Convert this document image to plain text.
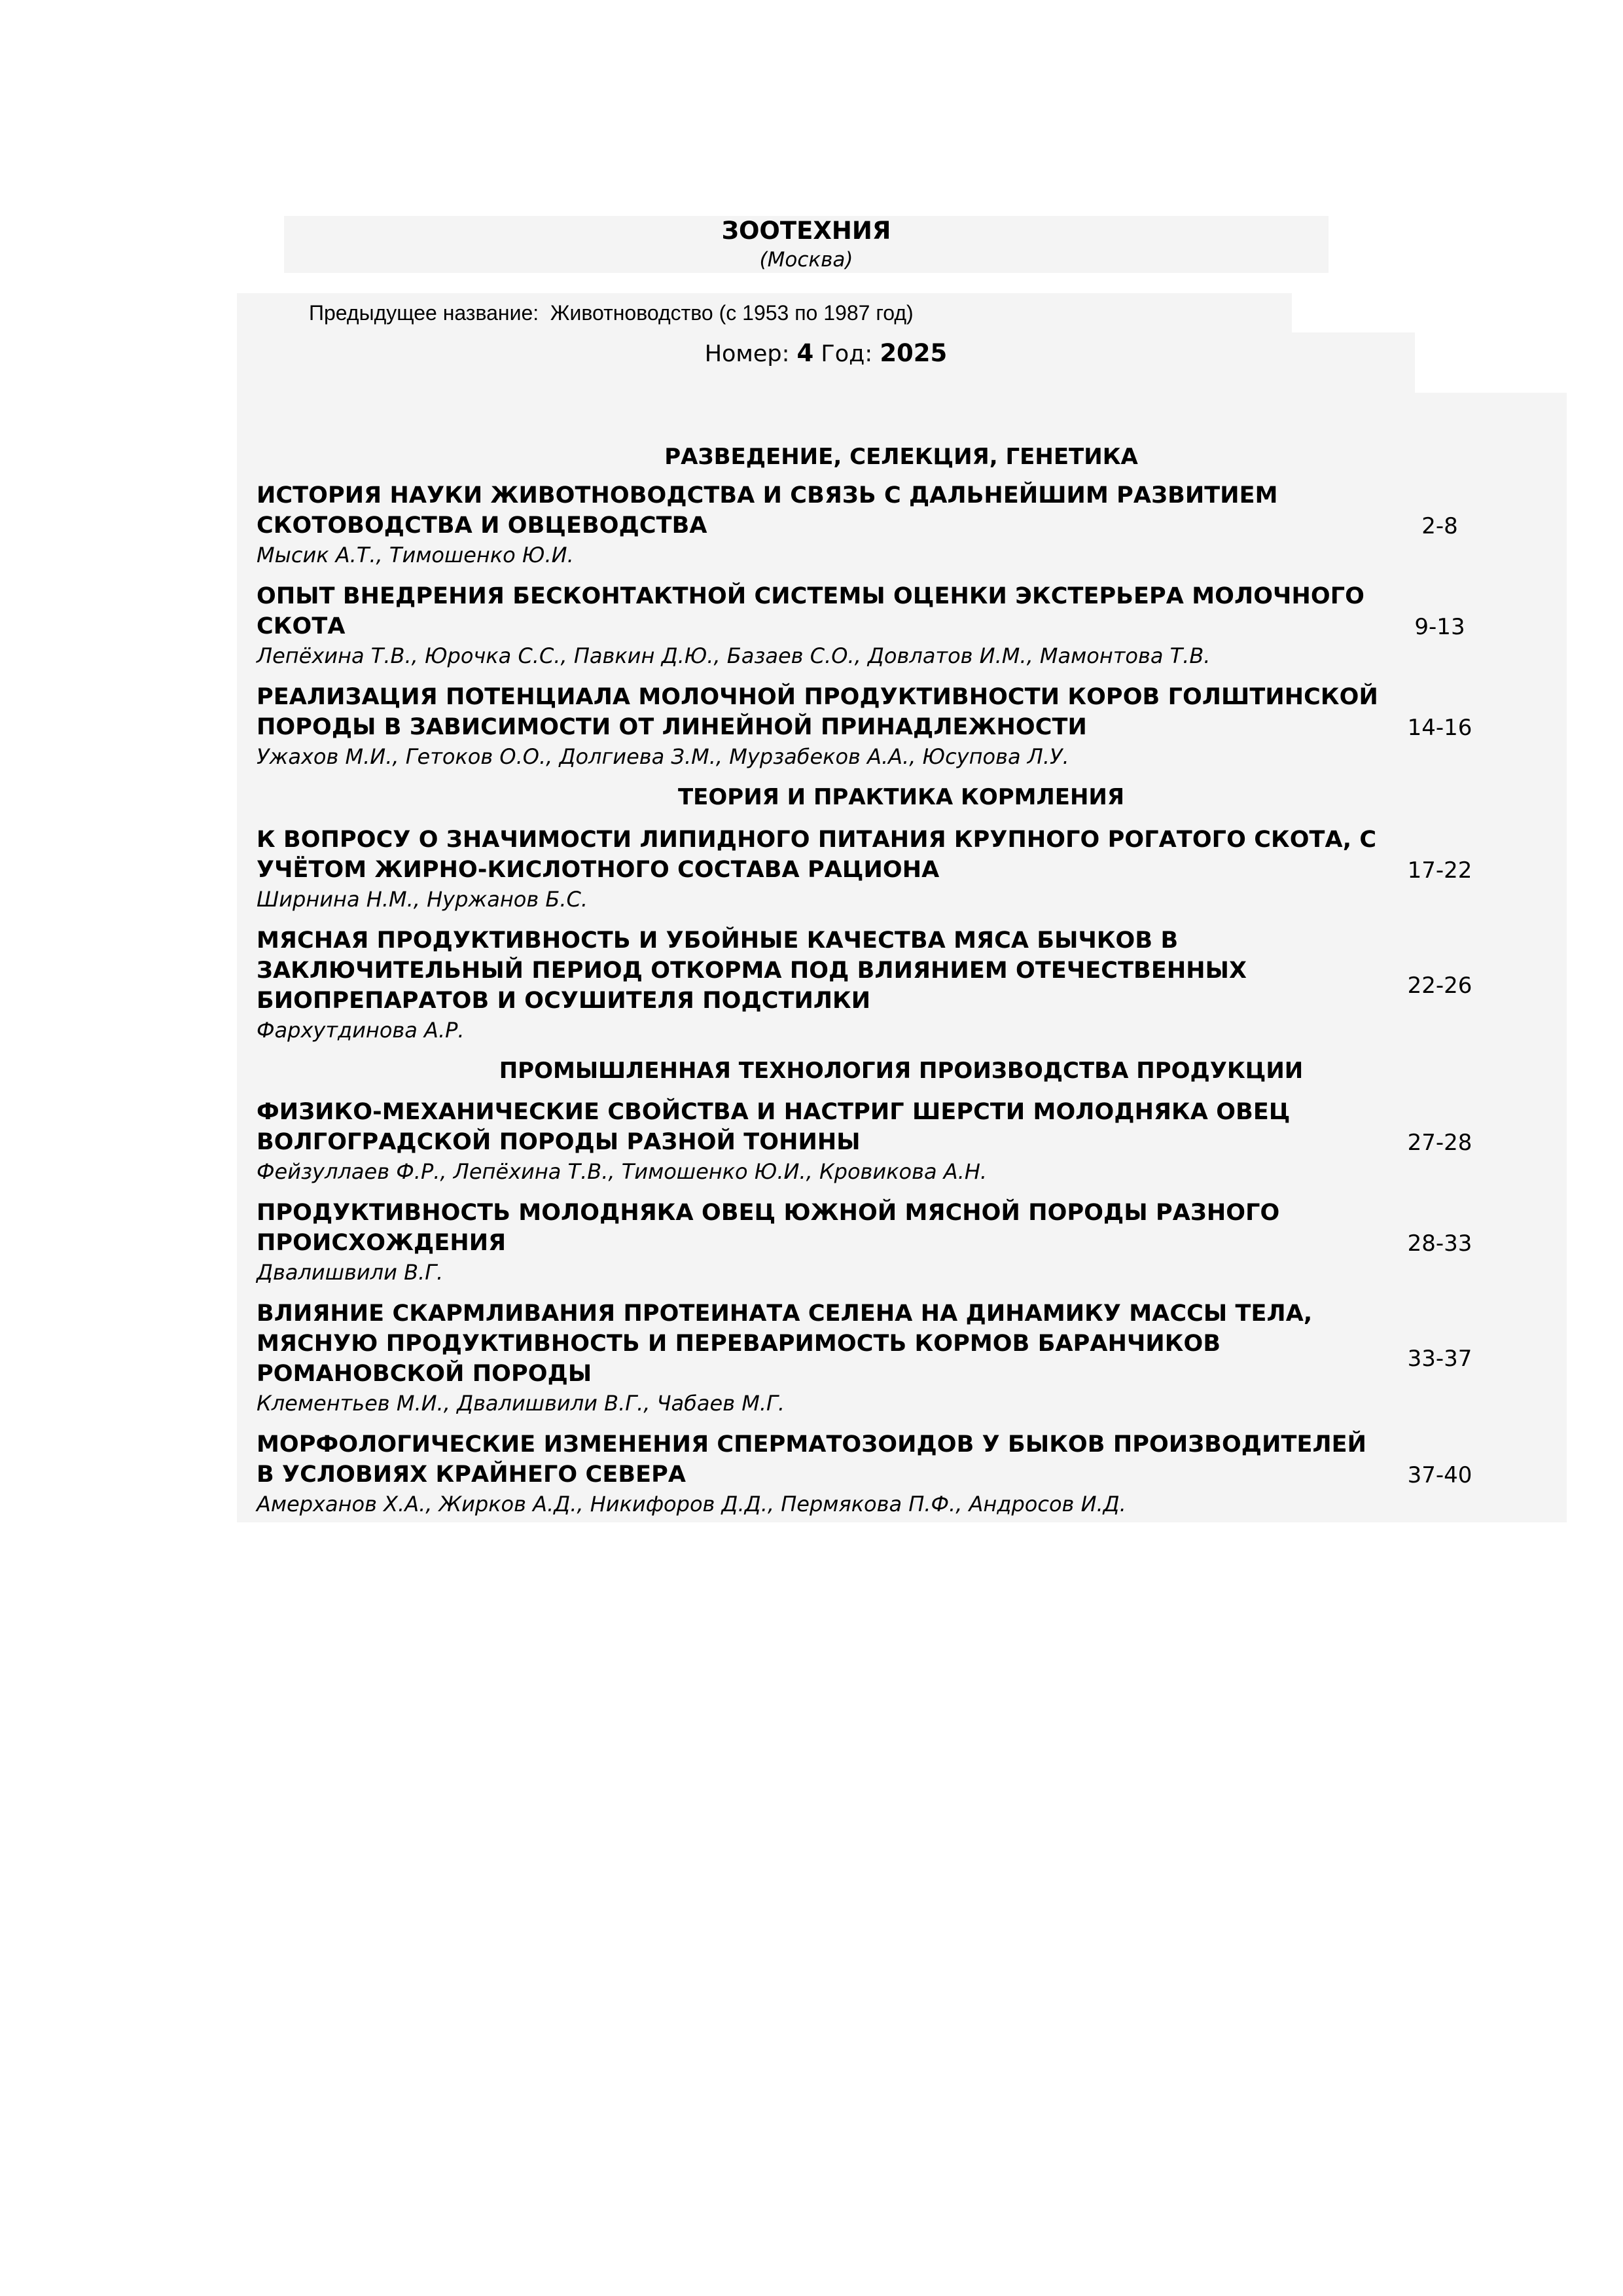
ЗООТЕХНИЯ
(Москва)
Предыдущее название: Животноводство (с 1953 по 1987 год)
Номер: 4 Год: 2025
РАЗВЕДЕНИЕ, СЕЛЕКЦИЯ, ГЕНЕТИКА
ИСТОРИЯ НАУКИ ЖИВОТНОВОДСТВА И СВЯЗЬ С ДАЛЬНЕЙШИМ РАЗВИТИЕМ
СКОТОВОДСТВА И ОВЦЕВОДСТВА
Мысик А.Т., Тимошенко Ю.И.
2-8
ОПЫТ ВНЕДРЕНИЯ БЕСКОНТАКТНОЙ СИСТЕМЫ ОЦЕНКИ ЭКСТЕРЬЕРА МОЛОЧНОГО
СКОТА
Лепёхина Т.В., Юрочка С.С., Павкин Д.Ю., Базаев С.О., Довлатов И.М., Мамонтова Т.В.
9-13
РЕАЛИЗАЦИЯ ПОТЕНЦИАЛА МОЛОЧНОЙ ПРОДУКТИВНОСТИ КОРОВ ГОЛШТИНСКОЙ
ПОРОДЫ В ЗАВИСИМОСТИ ОТ ЛИНЕЙНОЙ ПРИНАДЛЕЖНОСТИ
Ужахов М.И., Гетоков О.О., Долгиева З.М., Мурзабеков А.А., Юсупова Л.У.
14-16
ТЕОРИЯ И ПРАКТИКА КОРМЛЕНИЯ
К ВОПРОСУ О ЗНАЧИМОСТИ ЛИПИДНОГО ПИТАНИЯ КРУПНОГО РОГАТОГО СКОТА, С
УЧЁТОМ ЖИРНО-КИСЛОТНОГО СОСТАВА РАЦИОНА
Ширнина Н.М., Нуржанов Б.С.
17-22
МЯСНАЯ ПРОДУКТИВНОСТЬ И УБОЙНЫЕ КАЧЕСТВА МЯСА БЫЧКОВ В
ЗАКЛЮЧИТЕЛЬНЫЙ ПЕРИОД ОТКОРМА ПОД ВЛИЯНИЕМ ОТЕЧЕСТВЕННЫХ
БИОПРЕПАРАТОВ И ОСУШИТЕЛЯ ПОДСТИЛКИ
Фархутдинова А.Р.
22-26
ПРОМЫШЛЕННАЯ ТЕХНОЛОГИЯ ПРОИЗВОДСТВА ПРОДУКЦИИ
ФИЗИКО-МЕХАНИЧЕСКИЕ СВОЙСТВА И НАСТРИГ ШЕРСТИ МОЛОДНЯКА ОВЕЦ
ВОЛГОГРАДСКОЙ ПОРОДЫ РАЗНОЙ ТОНИНЫ
Фейзуллаев Ф.Р., Лепёхина Т.В., Тимошенко Ю.И., Кровикова А.Н.
27-28
ПРОДУКТИВНОСТЬ МОЛОДНЯКА ОВЕЦ ЮЖНОЙ МЯСНОЙ ПОРОДЫ РАЗНОГО
ПРОИСХОЖДЕНИЯ
Двалишвили В.Г.
28-33
ВЛИЯНИЕ СКАРМЛИВАНИЯ ПРОТЕИНАТА СЕЛЕНА НА ДИНАМИКУ МАССЫ ТЕЛА,
МЯСНУЮ ПРОДУКТИВНОСТЬ И ПЕРЕВАРИМОСТЬ КОРМОВ БАРАНЧИКОВ
РОМАНОВСКОЙ ПОРОДЫ
Клементьев М.И., Двалишвили В.Г., Чабаев М.Г.
33-37
МОРФОЛОГИЧЕСКИЕ ИЗМЕНЕНИЯ СПЕРМАТОЗОИДОВ У БЫКОВ ПРОИЗВОДИТЕЛЕЙ
В УСЛОВИЯХ КРАЙНЕГО СЕВЕРА
Амерханов Х.А., Жирков А.Д., Никифоров Д.Д., Пермякова П.Ф., Андросов И.Д.
37-40
